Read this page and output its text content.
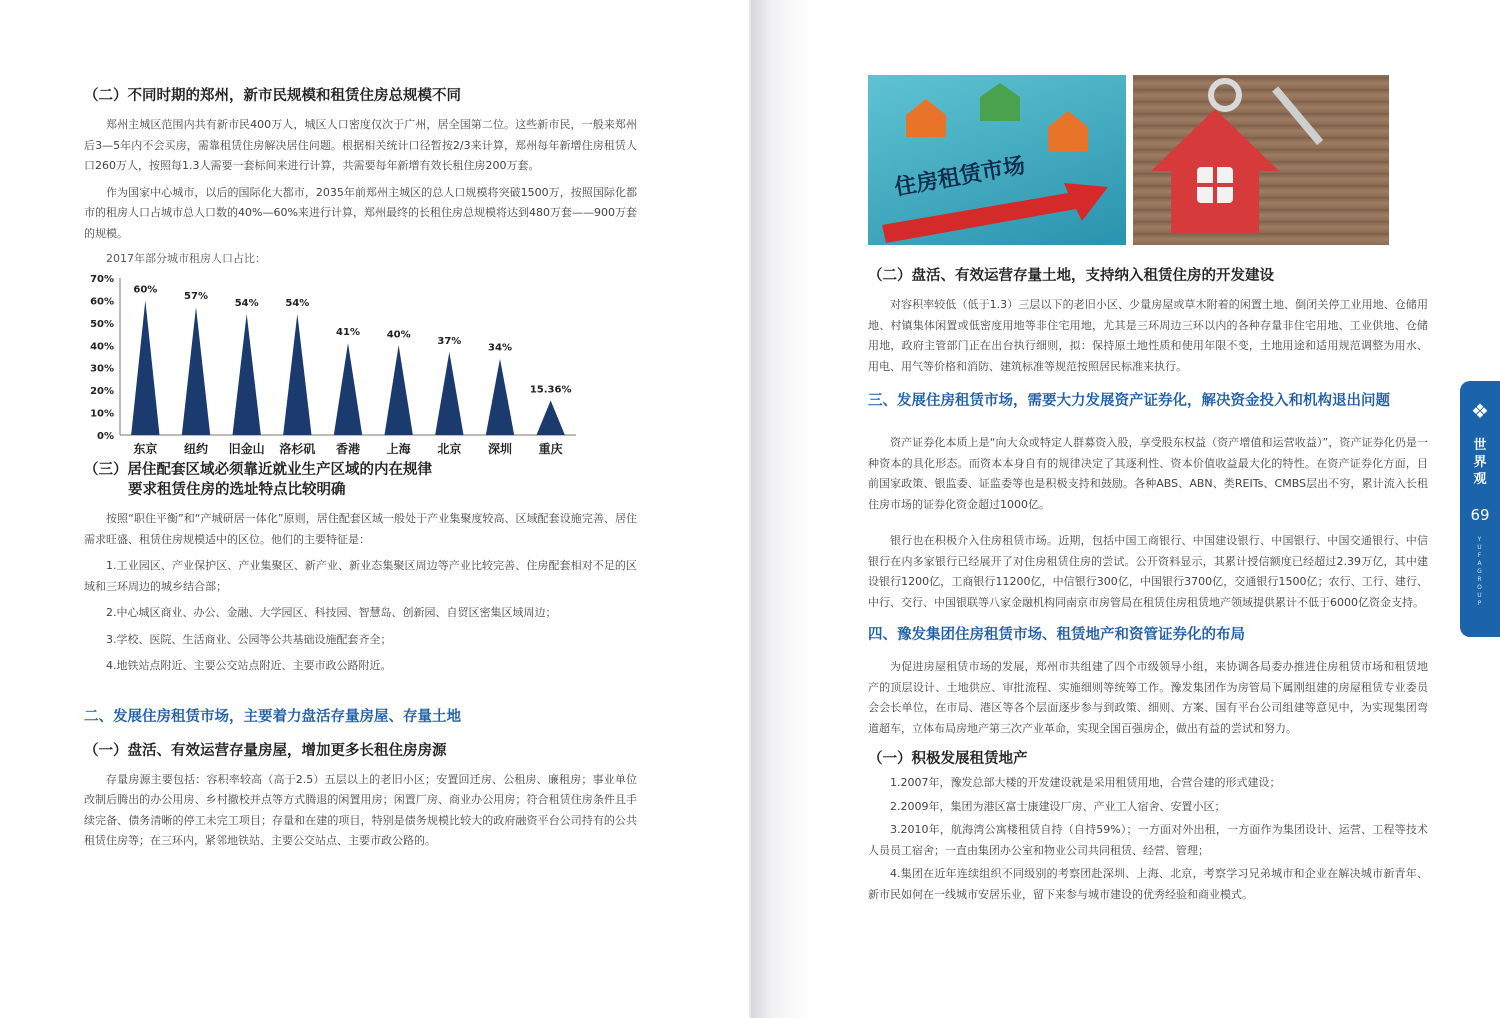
（二）不同时期的郑州，新市民规模和租赁住房总规模不同

郑州主城区范围内共有新市民400万人，城区人口密度仅次于广州，居全国第二位。这些新市民，一般来郑州后3—5年内不会买房，需靠租赁住房解决居住问题。根据相关统计口径暂按2/3来计算，郑州每年新增住房租赁人口260万人，按照每1.3人需要一套标间来进行计算，共需要每年新增有效长租住房200万套。

作为国家中心城市，以后的国际化大都市，2035年前郑州主城区的总人口规模将突破1500万，按照国际化都市的租房人口占城市总人口数的40%—60%来进行计算，郑州最终的长租住房总规模将达到480万套——900万套的规模。

2017年部分城市租房人口占比：
0%
10%
20%
30%
40%
50%
60%
70%
60%
东京
57%
纽约
54%
旧金山
54%
洛杉矶
41%
香港
40%
上海
37%
北京
34%
深圳
15.36%
重庆
（三）居住配套区域必须靠近就业生产区域的内在规律
要求租赁住房的选址特点比较明确

按照“职住平衡”和“产城研居一体化”原则，居住配套区域一般处于产业集聚度较高、区域配套设施完善、居住需求旺盛、租赁住房规模适中的区位。他们的主要特征是：

1.工业园区、产业保护区、产业集聚区、新产业、新业态集聚区周边等产业比较完善、住房配套相对不足的区域和三环周边的城乡结合部；

2.中心城区商业、办公、金融、大学园区、科技园、智慧岛、创新园、自贸区密集区域周边；

3.学校、医院、生活商业、公园等公共基础设施配套齐全；

4.地铁站点附近、主要公交站点附近、主要市政公路附近。

二、发展住房租赁市场，主要着力盘活存量房屋、存量土地
（一）盘活、有效运营存量房屋，增加更多长租住房房源

存量房源主要包括：容积率较高（高于2.5）五层以上的老旧小区；安置回迁房、公租房、廉租房；事业单位改制后腾出的办公用房、乡村撤校并点等方式腾退的闲置用房；闲置厂房、商业办公用房；符合租赁住房条件且手续完备、债务清晰的停工未完工项目；存量和在建的项目，特别是债务规模比较大的政府融资平台公司持有的公共租赁住房等；在三环内，紧邻地铁站、主要公交站点、主要市政公路的。

住房租赁市场
（二）盘活、有效运营存量土地，支持纳入租赁住房的开发建设

对容积率较低（低于1.3）三层以下的老旧小区、少量房屋或草木附着的闲置土地、倒闭关停工业用地、仓储用地、村镇集体闲置或低密度用地等非住宅用地，尤其是三环周边三环以内的各种存量非住宅用地、工业供地、仓储用地，政府主管部门正在出台执行细则，拟：保持原土地性质和使用年限不变，土地用途和适用规范调整为用水、用电、用气等价格和消防、建筑标准等规范按照居民标准来执行。

三、发展住房租赁市场，需要大力发展资产证券化，解决资金投入和机构退出问题

资产证券化本质上是“向大众或特定人群募资入股，享受股东权益（资产增值和运营收益）”，资产证券化仍是一种资本的具化形态。而资本本身自有的规律决定了其逐利性、资本价值收益最大化的特性。在资产证券化方面，目前国家政策、银监委、证监委等也是积极支持和鼓励。各种ABS、ABN、类REITs、CMBS层出不穷，累计流入长租住房市场的证券化资金超过1000亿。

银行也在积极介入住房租赁市场。近期，包括中国工商银行、中国建设银行、中国银行、中国交通银行、中信银行在内多家银行已经展开了对住房租赁住房的尝试。公开资料显示，其累计授信额度已经超过2.39万亿，其中建设银行1200亿，工商银行11200亿，中信银行300亿，中国银行3700亿，交通银行1500亿；农行、工行、建行、中行、交行、中国银联等八家金融机构同南京市房管局在租赁住房租赁地产领域提供累计不低于6000亿资金支持。

四、豫发集团住房租赁市场、租赁地产和资管证券化的布局

为促进房屋租赁市场的发展，郑州市共组建了四个市级领导小组，来协调各局委办推进住房租赁市场和租赁地产的顶层设计、土地供应、审批流程、实施细则等统筹工作。豫发集团作为房管局下属刚组建的房屋租赁专业委员会会长单位，在市局、港区等各个层面逐步参与到政策、细则、方案、国有平台公司组建等意见中，为实现集团弯道超车，立体布局房地产第三次产业革命，实现全国百强房企，做出有益的尝试和努力。

（一）积极发展租赁地产

1.2007年，豫发总部大楼的开发建设就是采用租赁用地，合营合建的形式建设；

2.2009年，集团为港区富士康建设厂房、产业工人宿舍、安置小区；

3.2010年，航海湾公寓楼租赁自持（自持59%）；一方面对外出租，一方面作为集团设计、运营、工程等技术人员员工宿舍；一直由集团办公室和物业公司共同租赁、经营、管理；

4.集团在近年连续组织不同级别的考察团赴深圳、上海、北京，考察学习兄弟城市和企业在解决城市新青年、新市民如何在一线城市安居乐业，留下来参与城市建设的优秀经验和商业模式。

❖
世
界
观
69
Y
U
F
A
G
R
O
U
P
